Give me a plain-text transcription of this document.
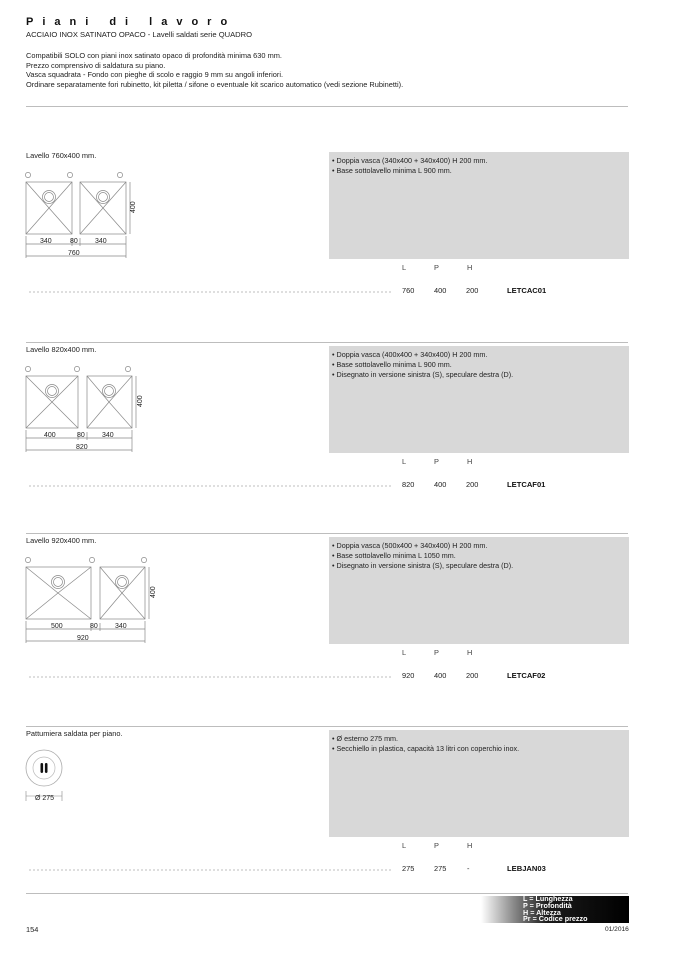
Piani di lavoro
ACCIAIO INOX SATINATO OPACO - Lavelli saldati serie QUADRO
Compatibili SOLO con piani inox satinato opaco di profondità minima 630 mm.
Prezzo comprensivo di saldatura su piano.
Vasca squadrata - Fondo con pieghe di scolo e raggio 9 mm su angoli inferiori.
Ordinare separatamente fori rubinetto, kit piletta / sifone o eventuale kit scarico automatico (vedi sezione Rubinetti).
Lavello 760x400 mm.
340	80 340
760
400
• Doppia vasca (340x400 + 340x400) H 200 mm.
• Base sottolavello minima L 900 mm.
L	P	H
760	400	200	LETCAC01
Lavello 820x400 mm.
400	80 340
820
400
• Doppia vasca (400x400 + 340x400) H 200 mm.
• Base sottolavello minima L 900 mm.
• Disegnato in versione sinistra (S), speculare destra (D).
L	P	H
820	400	200	LETCAF01
Lavello 920x400 mm.
500	80 340
920
400
• Doppia vasca (500x400 + 340x400) H 200 mm.
• Base sottolavello minima L 1050 mm.
• Disegnato in versione sinistra (S), speculare destra (D).
L	P	H
920	400	200	LETCAF02
Pattumiera saldata per piano.
Ø 275
• Ø esterno 275 mm.
• Secchiello in plastica, capacità 13 litri con coperchio inox.
L	P	H
275	275	-	LEBJAN03
L = Lunghezza
P = Profondità
H = Altezza
Pr = Codice prezzo
154	01/2016
